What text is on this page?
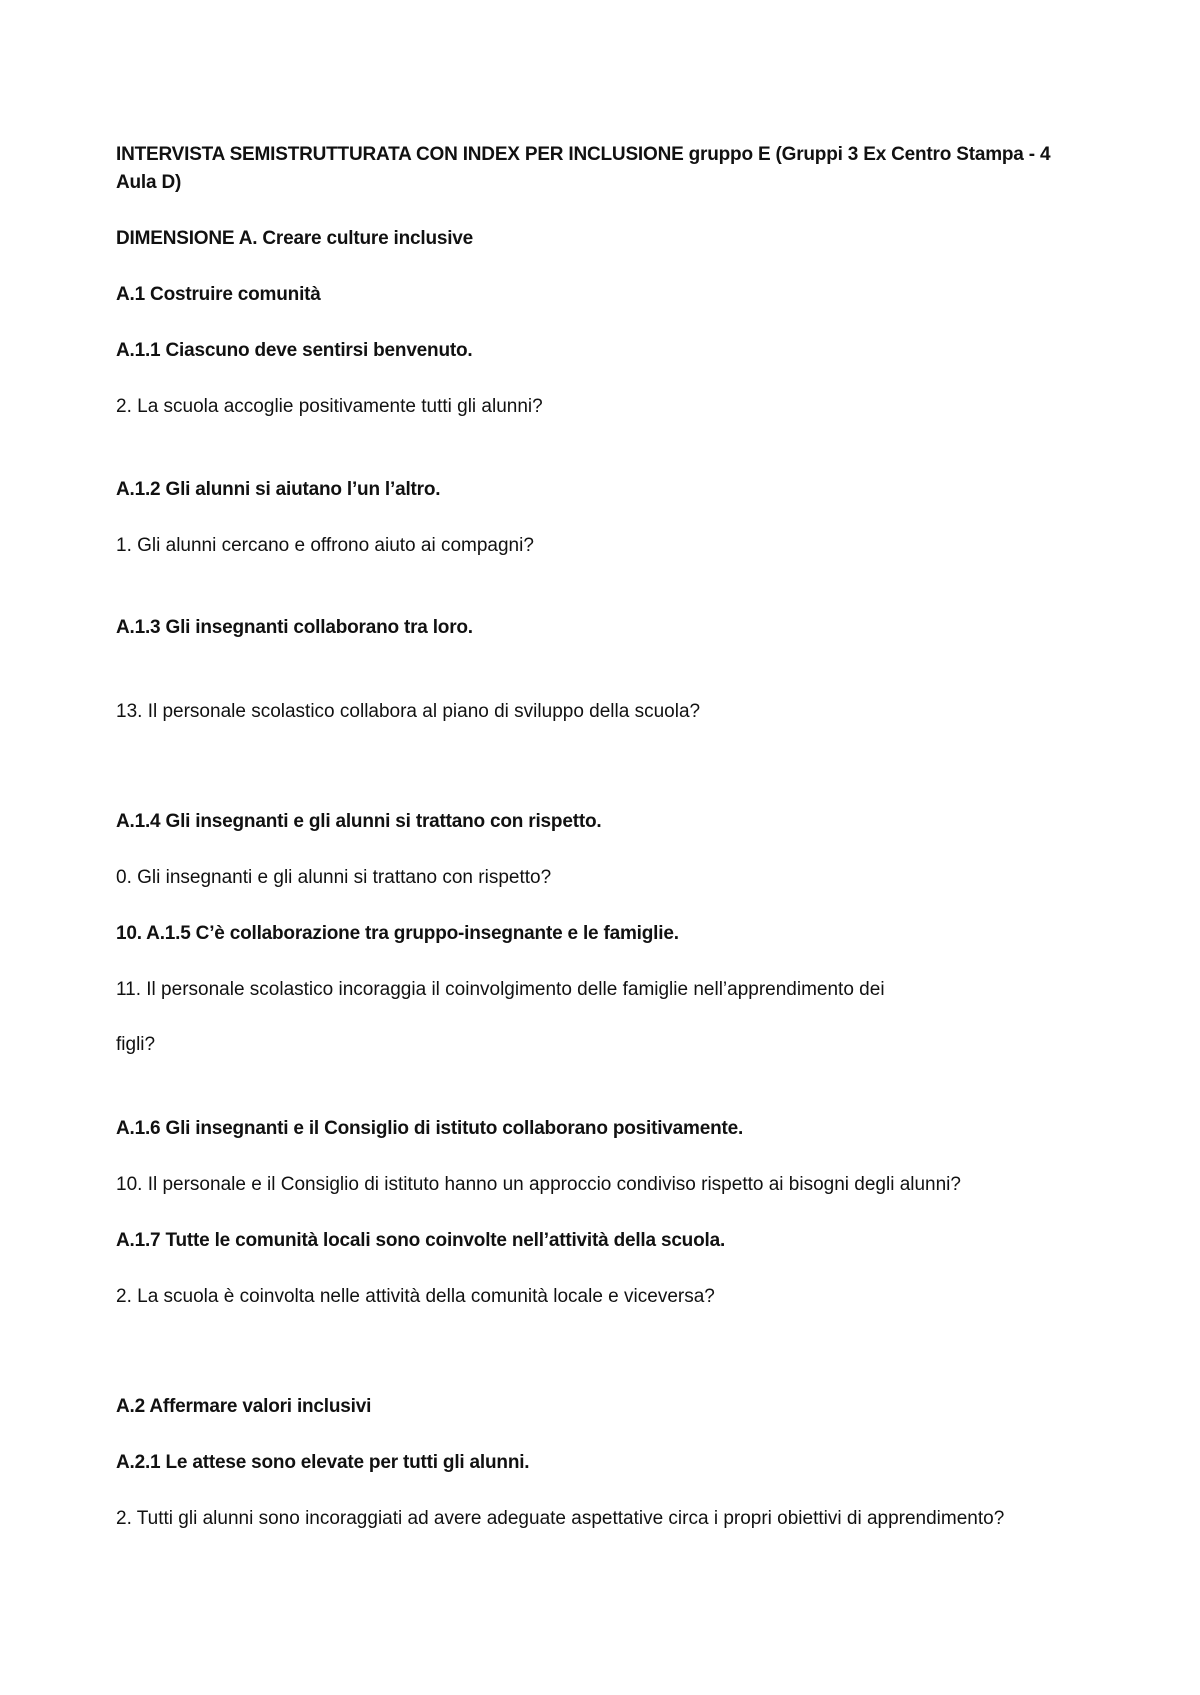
INTERVISTA SEMISTRUTTURATA CON INDEX PER INCLUSIONE gruppo E (Gruppi 3 Ex Centro Stampa - 4

Aula D)

DIMENSIONE A. Creare culture inclusive

A.1 Costruire comunità

A.1.1 Ciascuno deve sentirsi benvenuto.

2. La scuola accoglie positivamente tutti gli alunni?

A.1.2 Gli alunni si aiutano l’un l’altro.

1. Gli alunni cercano e offrono aiuto ai compagni?

A.1.3 Gli insegnanti collaborano tra loro.

13. Il personale scolastico collabora al piano di sviluppo della scuola?

A.1.4 Gli insegnanti e gli alunni si trattano con rispetto.

0. Gli insegnanti e gli alunni si trattano con rispetto?

10. A.1.5 C’è collaborazione tra gruppo-insegnante e le famiglie.

11. Il personale scolastico incoraggia il coinvolgimento delle famiglie nell’apprendimento dei

figli?

A.1.6 Gli insegnanti e il Consiglio di istituto collaborano positivamente.

10. Il personale e il Consiglio di istituto hanno un approccio condiviso rispetto ai bisogni degli alunni?

A.1.7 Tutte le comunità locali sono coinvolte nell’attività della scuola.

2. La scuola è coinvolta nelle attività della comunità locale e viceversa?

A.2 Affermare valori inclusivi

A.2.1 Le attese sono elevate per tutti gli alunni.

2. Tutti gli alunni sono incoraggiati ad avere adeguate aspettative circa i propri obiettivi di apprendimento?
